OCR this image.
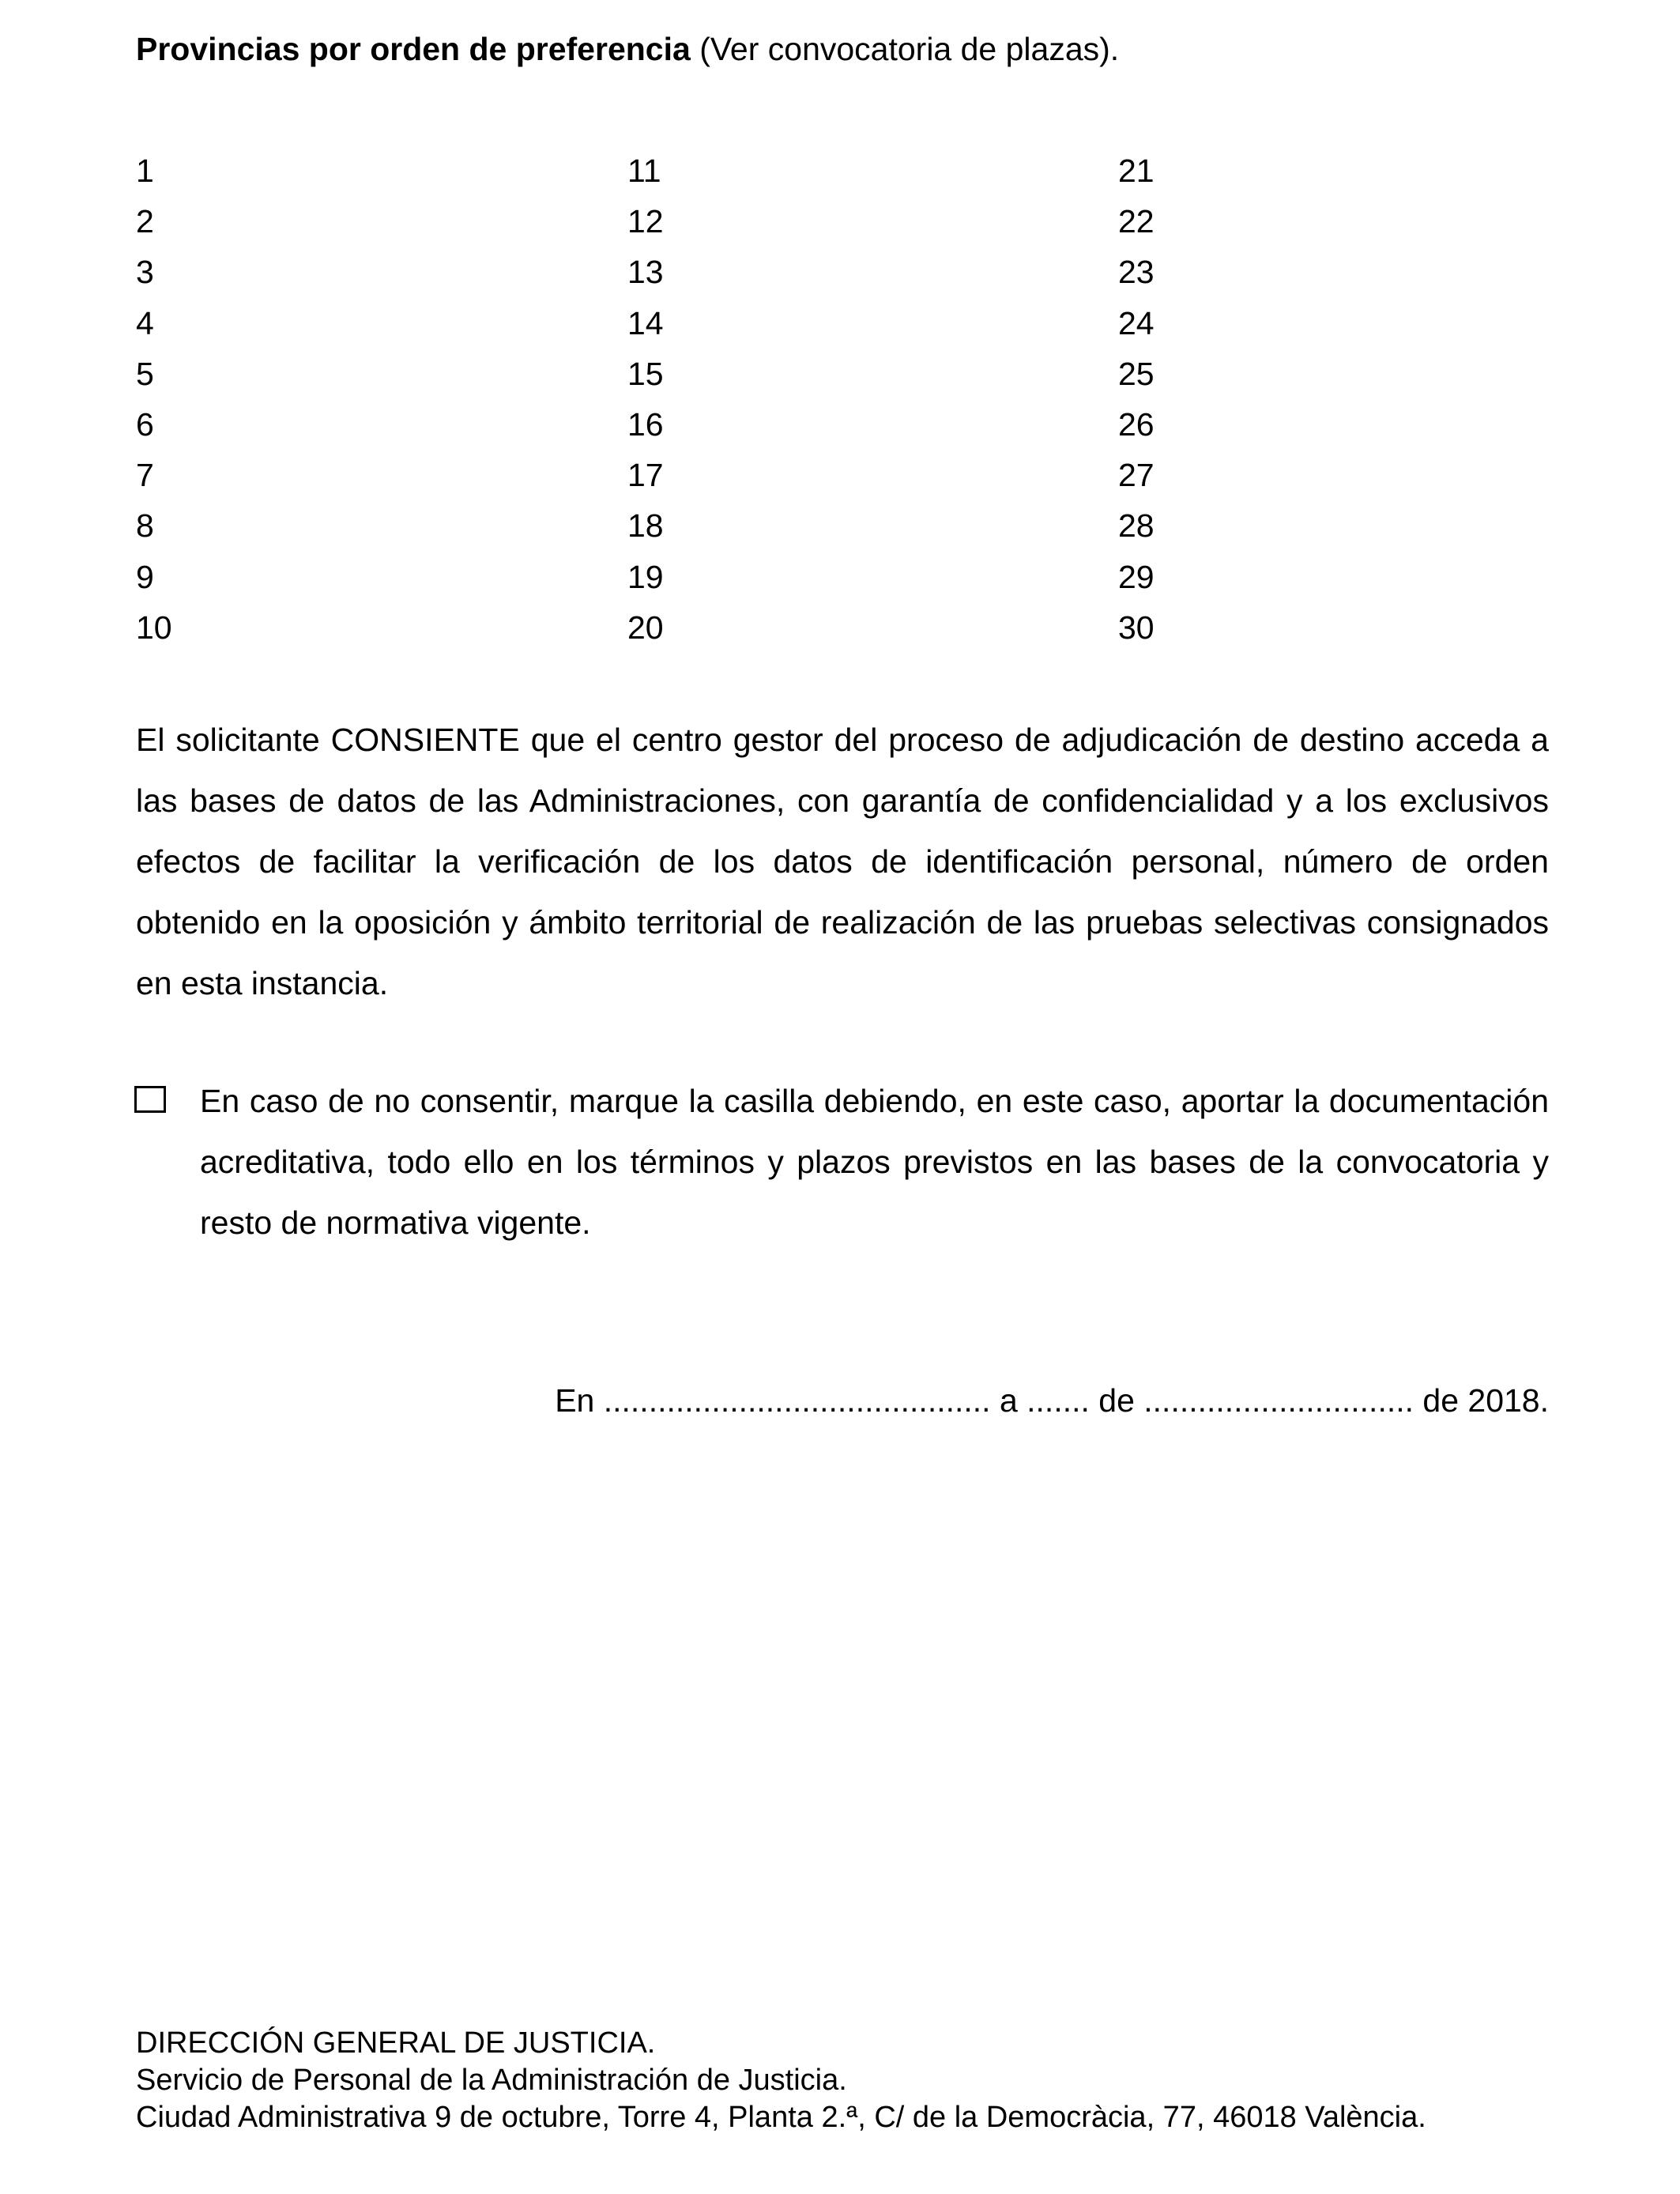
Provincias por orden de preferencia (Ver convocatoria de plazas).
1
2
3
4
5
6
7
8
9
10
11
12
13
14
15
16
17
18
19
20
21
22
23
24
25
26
27
28
29
30
El solicitante CONSIENTE que el centro gestor del proceso de adjudicación de destino acceda a las bases de datos de las Administraciones, con garantía de confidencialidad y a los exclusivos efectos de facilitar la verificación de los datos de identificación personal, número de orden obtenido en la oposición y ámbito territorial de realización de las pruebas selectivas consignados en esta instancia.
En caso de no consentir, marque la casilla debiendo, en este caso, aportar la documentación acreditativa, todo ello en los términos y plazos previstos en las bases de la convocatoria y resto de normativa vigente.
En ........................................... a ....... de .............................. de 2018.
DIRECCIÓN GENERAL DE JUSTICIA.
Servicio de Personal de la Administración de Justicia.
Ciudad Administrativa 9 de octubre, Torre 4, Planta 2.ª, C/ de la Democràcia, 77, 46018 València.
